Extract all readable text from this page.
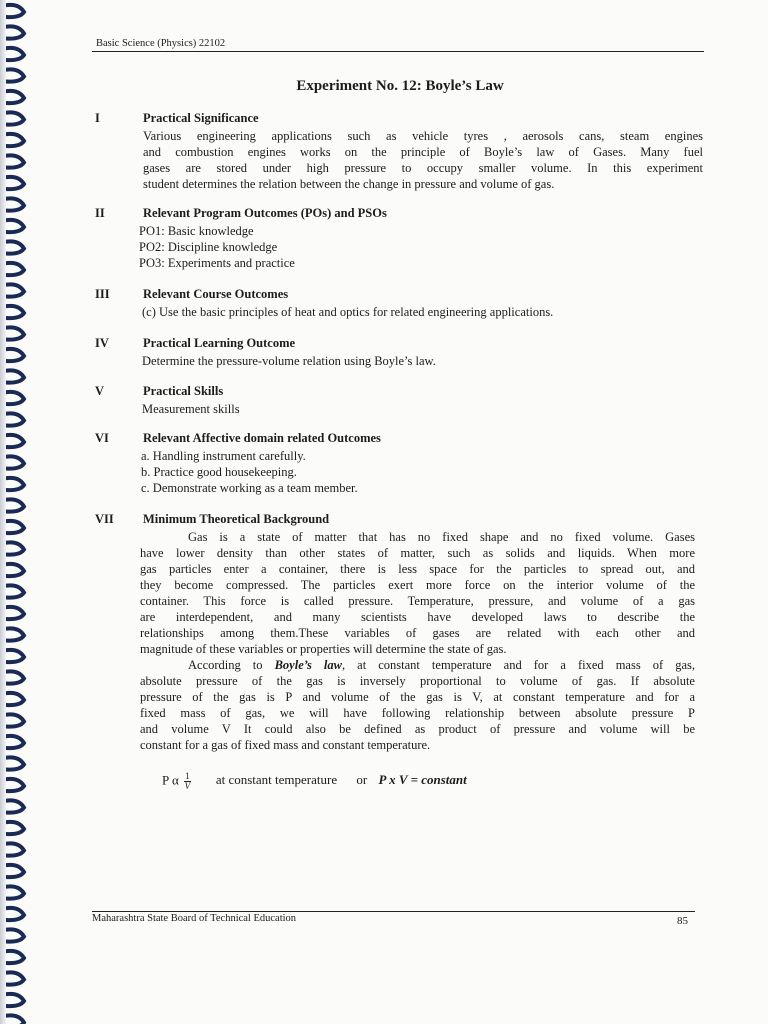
Basic Science (Physics) 22102
Experiment No. 12: Boyle’s Law
I	Practical Significance
Various engineering applications such as vehicle tyres , aerosols cans, steam engines
and combustion engines works on the principle of Boyle’s law of Gases. Many fuel
gases are stored under high pressure to occupy smaller volume. In this experiment
student determines the relation between the change in pressure and volume of gas.
II	Relevant Program Outcomes (POs) and PSOs
PO1: Basic knowledge
PO2: Discipline knowledge
PO3: Experiments and practice
III	Relevant Course Outcomes
(c) Use the basic principles of heat and optics for related engineering applications.
IV	Practical Learning Outcome
Determine the pressure-volume relation using Boyle’s law.
V	Practical Skills
Measurement skills
VI	Relevant Affective domain related Outcomes
a. Handling instrument carefully.
b. Practice good housekeeping.
c. Demonstrate working as a team member.
VII	Minimum Theoretical Background
Gas is a state of matter that has no fixed shape and no fixed volume. Gases
have lower density than other states of matter, such as solids and liquids. When more
gas particles enter a container, there is less space for the particles to spread out, and
they become compressed. The particles exert more force on the interior volume of the
container. This force is called pressure. Temperature, pressure, and volume of a gas
are interdependent, and many scientists have developed laws to describe the
relationships among them.These variables of gases are related with each other and
magnitude of these variables or properties will determine the state of gas.
According to Boyle’s law, at constant temperature and for a fixed mass of gas,
absolute pressure of the gas is inversely proportional to volume of gas. If absolute
pressure of the gas is P and volume of the gas is V, at constant temperature and for a
fixed mass of gas, we will have following relationship between absolute pressure P
and volume V It could also be defined as product of pressure and volume will be
constant for a gas of fixed mass and constant temperature.
P α $\frac{1}{V}$ at constant temperature or P x V = constant
Maharashtra State Board of Technical Education	85
